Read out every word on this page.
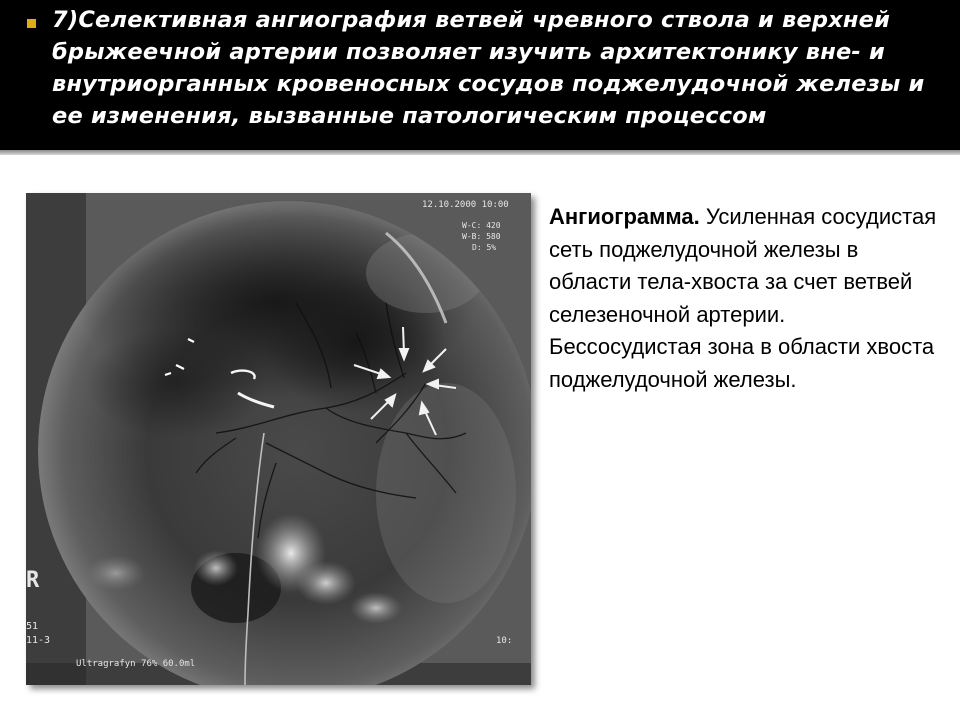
7)Селективная ангиография ветвей чревного ствола и верхней брыжеечной артерии позволяет изучить архитектонику вне- и внутриорганных кровеносных сосудов поджелудочной железы и ее изменения, вызванные патологическим процессом
12.10.2000 10:00
W-C: 420
W-B: 580
D: 5%
R
51
11-3
Ultragrafyn 76% 60.0ml
10:
Ангиограмма. Усиленная сосудистая сеть поджелудочной железы в области тела-хвоста за счет ветвей селезеночной артерии. Бессосудистая зона в области хвоста поджелудочной железы.
